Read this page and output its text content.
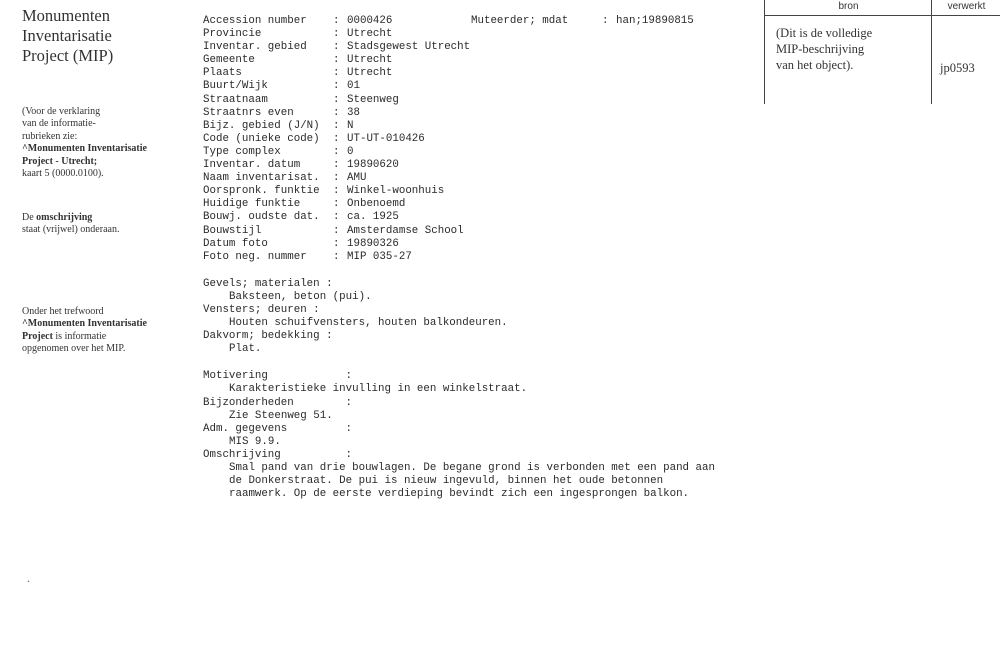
Monumenten
Inventarisatie
Project (MIP)
(Voor de verklaring
van de informatie-
rubrieken zie:
^Monumenten Inventarisatie
Project - Utrecht;
kaart 5 (0000.0100).
De omschrijving
staat (vrijwel) onderaan.
Onder het trefwoord
^Monumenten Inventarisatie
Project is informatie
opgenomen over het MIP.
.
Accession number	: 0000426	Muteerder; mdat	: han;19890815
Provincie	: Utrecht
Inventar. gebied	: Stadsgewest Utrecht
Gemeente	: Utrecht
Plaats	: Utrecht
Buurt/Wijk	: 01
Straatnaam	: Steenweg
Straatnrs even	: 38
Bijz. gebied (J/N)	: N
Code (unieke code)	: UT-UT-010426
Type complex	: 0
Inventar. datum	: 19890620
Naam inventarisat.	: AMU
Oorspronk. funktie	: Winkel-woonhuis
Huidige funktie	: Onbenoemd
Bouwj. oudste dat.	: ca. 1925
Bouwstijl	: Amsterdamse School
Datum foto	: 19890326
Foto neg. nummer	: MIP 035-27
Gevels; materialen :
Baksteen, beton (pui).
Vensters; deuren :
Houten schuifvensters, houten balkondeuren.
Dakvorm; bedekking :
Plat.
Motivering            :
Karakteristieke invulling in een winkelstraat.
Bijzonderheden        :
Zie Steenweg 51.
Adm. gegevens         :
MIS 9.9.
Omschrijving          :
Smal pand van drie bouwlagen. De begane grond is verbonden met een pand aan
de Donkerstraat. De pui is nieuw ingevuld, binnen het oude betonnen
raamwerk. Op de eerste verdieping bevindt zich een ingesprongen balkon.
bron	verwerkt
(Dit is de volledige
MIP-beschrijving
van het object).	jp0593
